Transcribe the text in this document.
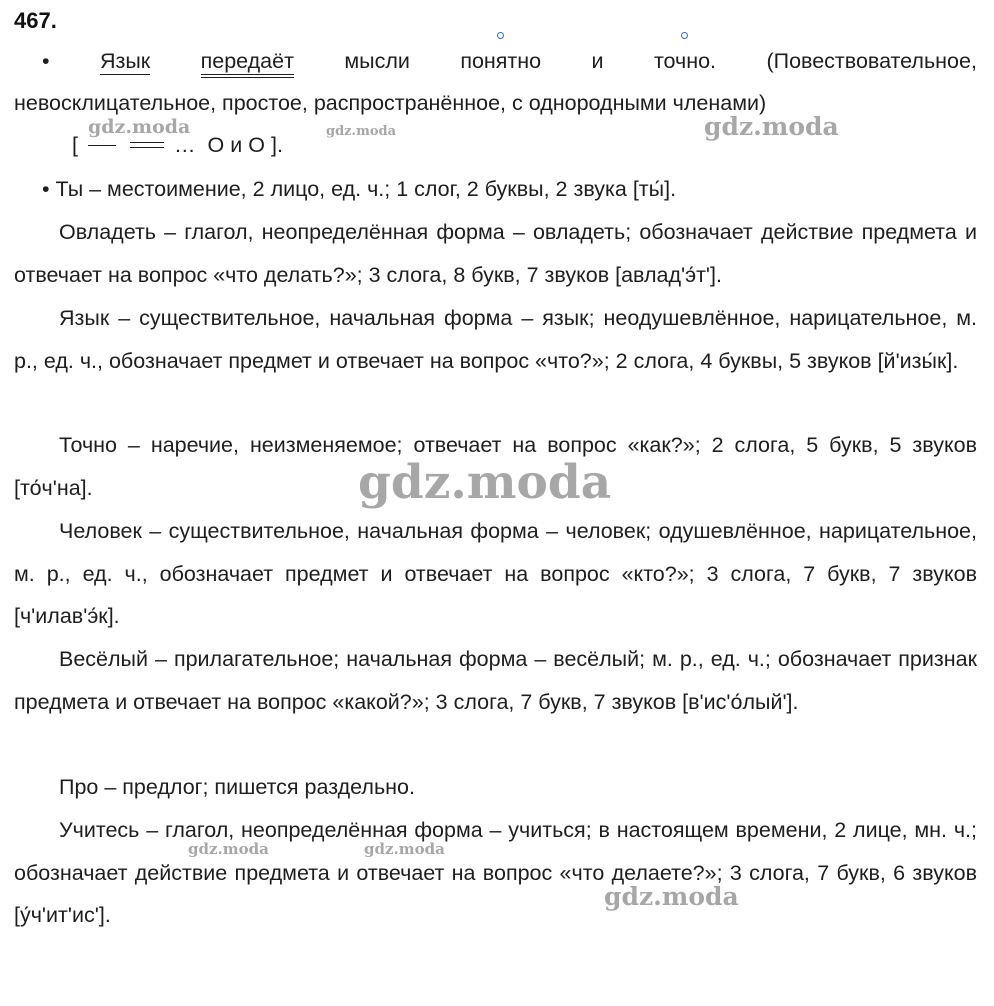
467.

• Язык передаёт мысли понятно и точно. (Повествовательное,

невосклицательное, простое, распространённое, с однородными членами)

[	… О и О ].

• Ты – местоимение, 2 лицо, ед. ч.; 1 слог, 2 буквы, 2 звука [ты́].

Овладеть – глагол, неопределённая форма – овладеть; обозначает действие предмета и отвечает на вопрос «что делать?»; 3 слога, 8 букв, 7 звуков [авлад'э́т'].

Язык – существительное, начальная форма – язык; неодушевлённое, нарицательное, м. р., ед. ч., обозначает предмет и отвечает на вопрос «что?»; 2 слога, 4 буквы, 5 звуков [й'изы́к].

Точно – наречие, неизменяемое; отвечает на вопрос «как?»; 2 слога, 5 букв, 5 звуков [то́ч'на].

Человек – существительное, начальная форма – человек; одушевлённое, нарицательное, м. р., ед. ч., обозначает предмет и отвечает на вопрос «кто?»; 3 слога, 7 букв, 7 звуков [ч'илав'э́к].

Весёлый – прилагательное; начальная форма – весёлый; м. р., ед. ч.; обозначает признак предмета и отвечает на вопрос «какой?»; 3 слога, 7 букв, 7 звуков [в'ис'о́лый'].

Про – предлог; пишется раздельно.

Учитесь – глагол, неопределённая форма – учиться; в настоящем времени, 2 лице, мн. ч.; обозначает действие предмета и отвечает на вопрос «что делаете?»; 3 слога, 7 букв, 6 звуков [у́ч'ит'ис'].

gdz.moda	gdz.moda	gdz.moda
gdz.moda
gdz.moda	gdz.moda
gdz.moda
